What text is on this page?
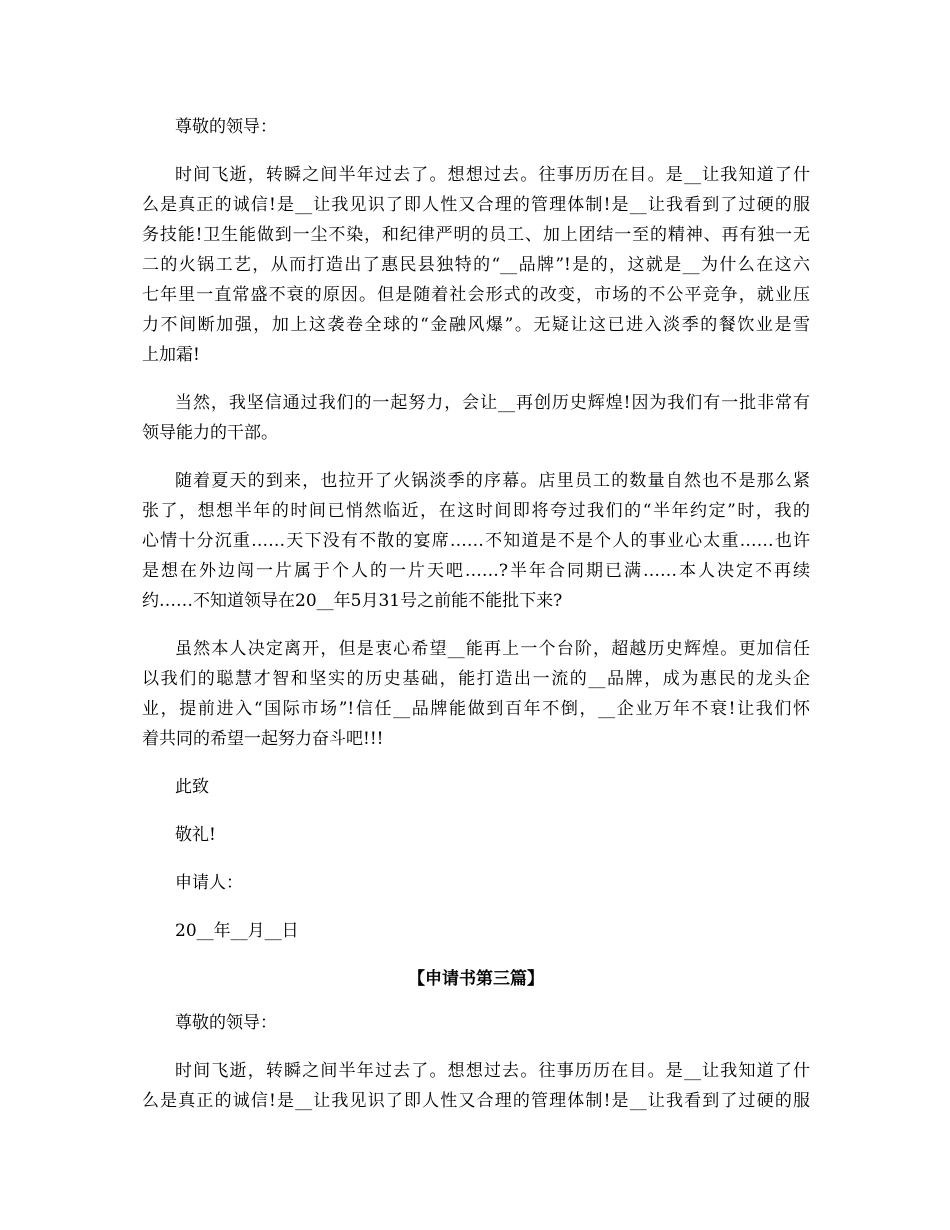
尊敬的领导：
时间飞逝，转瞬之间半年过去了。想想过去。往事历历在目。是__让我知道了什
么是真正的诚信!是__让我见识了即人性又合理的管理体制!是__让我看到了过硬的服
务技能!卫生能做到一尘不染，和纪律严明的员工、加上团结一至的精神、再有独一无
二的火锅工艺，从而打造出了惠民县独特的“__品牌”!是的，这就是__为什么在这六
七年里一直常盛不衰的原因。但是随着社会形式的改变，市场的不公平竞争，就业压
力不间断加强，加上这袭卷全球的“金融风爆”。无疑让这已进入淡季的餐饮业是雪
上加霜!
当然，我坚信通过我们的一起努力，会让__再创历史辉煌!因为我们有一批非常有
领导能力的干部。
随着夏天的到来，也拉开了火锅淡季的序幕。店里员工的数量自然也不是那么紧
张了，想想半年的时间已悄然临近，在这时间即将夸过我们的“半年约定”时，我的
心情十分沉重……天下没有不散的宴席……不知道是不是个人的事业心太重……也许
是想在外边闯一片属于个人的一片天吧……?半年合同期已满……本人决定不再续
约……不知道领导在20__年5月31号之前能不能批下来?
虽然本人决定离开，但是衷心希望__能再上一个台阶，超越历史辉煌。更加信任
以我们的聪慧才智和坚实的历史基础，能打造出一流的__品牌，成为惠民的龙头企
业，提前进入“国际市场”!信任__品牌能做到百年不倒，__企业万年不衰!让我们怀
着共同的希望一起努力奋斗吧!!!
此致
敬礼!
申请人：
20__年__月__日
【申请书第三篇】
尊敬的领导：
时间飞逝，转瞬之间半年过去了。想想过去。往事历历在目。是__让我知道了什
么是真正的诚信!是__让我见识了即人性又合理的管理体制!是__让我看到了过硬的服
